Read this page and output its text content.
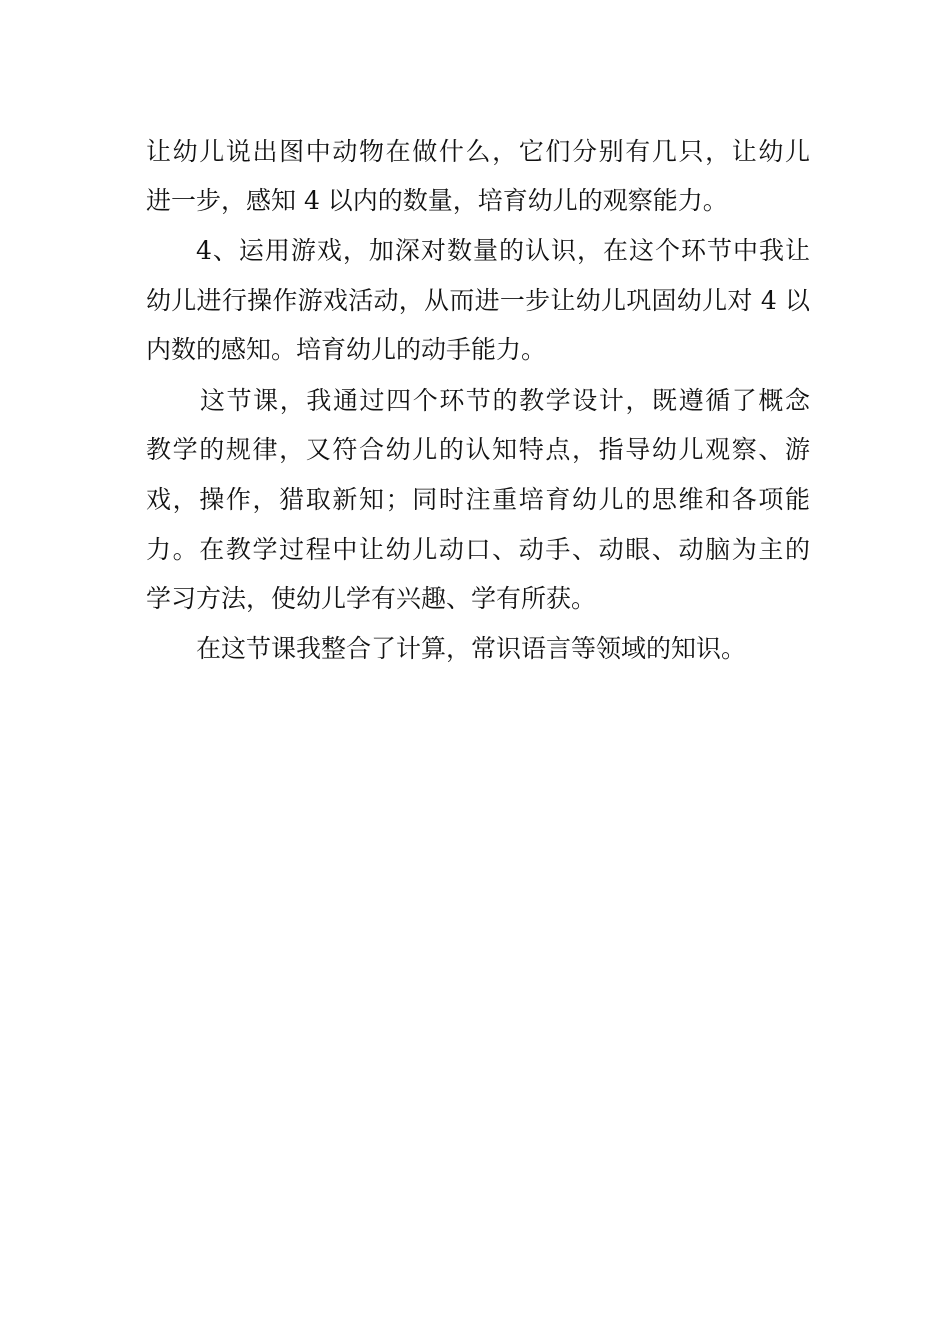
让幼儿说出图中动物在做什么，它们分别有几只，让幼儿
进一步，感知 4 以内的数量，培育幼儿的观察能力。
4、运用游戏，加深对数量的认识，在这个环节中我让
幼儿进行操作游戏活动，从而进一步让幼儿巩固幼儿对 4 以
内数的感知。培育幼儿的动手能力。
这节课，我通过四个环节的教学设计，既遵循了概念
教学的规律，又符合幼儿的认知特点，指导幼儿观察、游
戏，操作，猎取新知；同时注重培育幼儿的思维和各项能
力。在教学过程中让幼儿动口、动手、动眼、动脑为主的
学习方法，使幼儿学有兴趣、学有所获。
在这节课我整合了计算，常识语言等领域的知识。
